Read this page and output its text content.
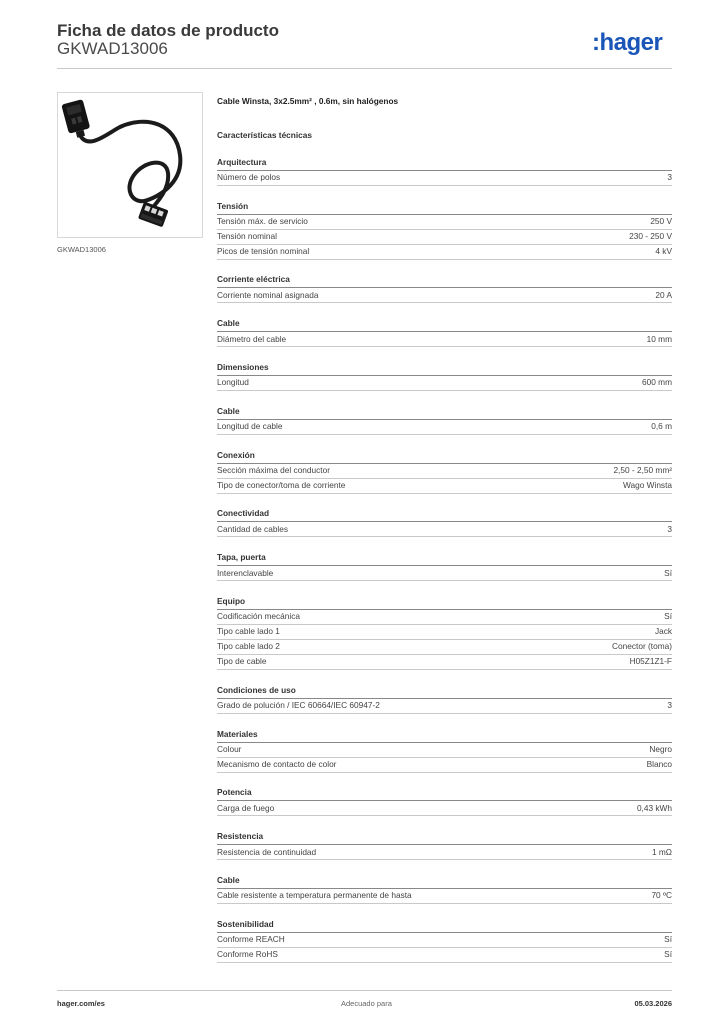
Ficha de datos de producto
GKWAD13006	:hager
GKWAD13006
Cable Winsta, 3x2.5mm² , 0.6m, sin halógenos
Características técnicas
Arquitectura
Número de polos	3
Tensión
Tensión máx. de servicio	250 V
Tensión nominal	230 - 250 V
Picos de tensión nominal	4 kV
Corriente eléctrica
Corriente nominal asignada	20 A
Cable
Diámetro del cable	10 mm
Dimensiones
Longitud	600 mm
Cable
Longitud de cable	0,6 m
Conexión
Sección máxima del conductor	2,50 - 2,50 mm²
Tipo de conector/toma de corriente	Wago Winsta
Conectividad
Cantidad de cables	3
Tapa, puerta
Interenclavable	Sí
Equipo
Codificación mecánica	Sí
Tipo cable lado 1	Jack
Tipo cable lado 2	Conector (toma)
Tipo de cable	H05Z1Z1-F
Condiciones de uso
Grado de polución / IEC 60664/IEC 60947-2	3
Materiales
Colour	Negro
Mecanismo de contacto de color	Blanco
Potencia
Carga de fuego	0,43 kWh
Resistencia
Resistencia de continuidad	1 mΩ
Cable
Cable resistente a temperatura permanente de hasta	70 ºC
Sostenibilidad
Conforme REACH	Sí
Conforme RoHS	Sí
hager.com/es	Adecuado para	05.03.2026
